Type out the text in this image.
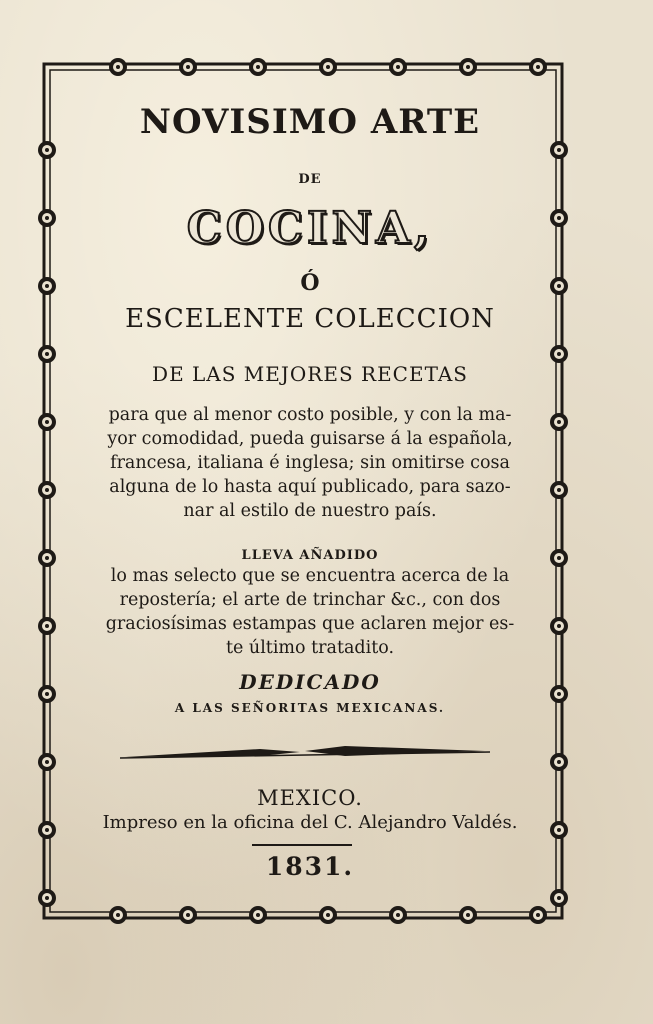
NOVISIMO ARTE

DE

COCINA,

Ó

ESCELENTE COLECCION

DE LAS MEJORES RECETAS

para que al menor costo posible, y con la ma-
yor comodidad, pueda guisarse á la española,
francesa, italiana é inglesa; sin omitirse cosa
alguna de lo hasta aquí publicado, para sazo-
nar al estilo de nuestro país.

LLEVA AÑADIDO

lo mas selecto que se encuentra acerca de la
repostería; el arte de trinchar &c., con dos
graciosísimas estampas que aclaren mejor es-
te último tratadito.

DEDICADO

A LAS SEÑORITAS MEXICANAS.

MEXICO.

Impreso en la oficina del C. Alejandro Valdés.

1831.
